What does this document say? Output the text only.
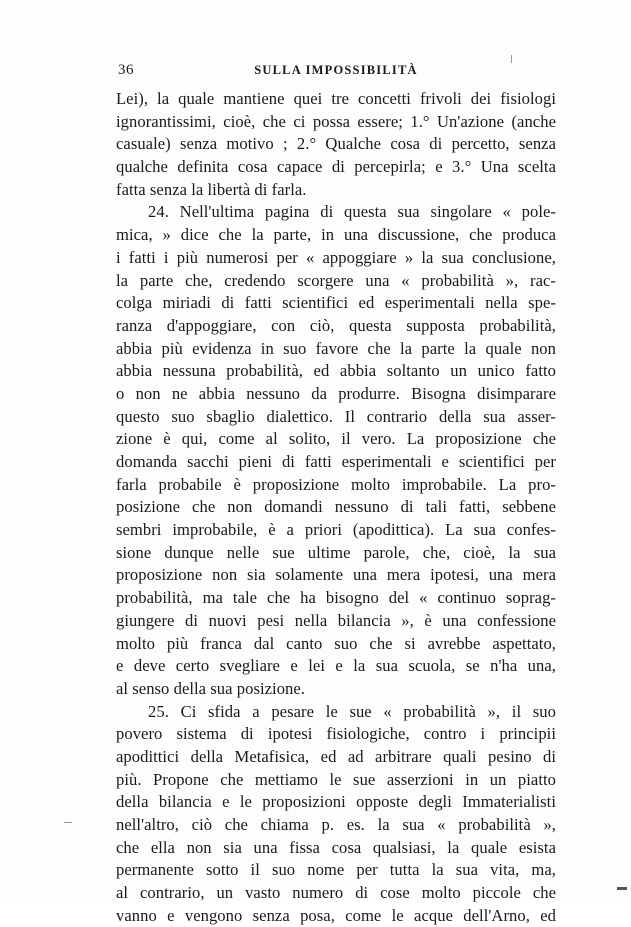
36	SULLA IMPOSSIBILITÀ
Lei), la quale mantiene quei tre concetti frivoli dei fisiologi
ignorantissimi, cioè, che ci possa essere; 1.° Un'azione (anche
casuale) senza motivo ; 2.° Qualche cosa di percetto, senza
qualche definita cosa capace di percepirla; e 3.° Una scelta
fatta senza la libertà di farla.
24. Nell'ultima pagina di questa sua singolare « pole-
mica, » dice che la parte, in una discussione, che produca
i fatti i più numerosi per « appoggiare » la sua conclusione,
la parte che, credendo scorgere una « probabilità », rac-
colga miriadi di fatti scientifici ed esperimentali nella spe-
ranza d'appoggiare, con ciò, questa supposta probabilità,
abbia più evidenza in suo favore che la parte la quale non
abbia nessuna probabilità, ed abbia soltanto un unico fatto
o non ne abbia nessuno da produrre. Bisogna disimparare
questo suo sbaglio dialettico. Il contrario della sua asser-
zione è qui, come al solito, il vero. La proposizione che
domanda sacchi pieni di fatti esperimentali e scientifici per
farla probabile è proposizione molto improbabile. La pro-
posizione che non domandi nessuno di tali fatti, sebbene
sembri improbabile, è a priori (apodittica). La sua confes-
sione dunque nelle sue ultime parole, che, cioè, la sua
proposizione non sia solamente una mera ipotesi, una mera
probabilità, ma tale che ha bisogno del « continuo soprag-
giungere di nuovi pesi nella bilancia », è una confessione
molto più franca dal canto suo che si avrebbe aspettato,
e deve certo svegliare e lei e la sua scuola, se n'ha una,
al senso della sua posizione.
25. Ci sfida a pesare le sue « probabilità », il suo
povero sistema di ipotesi fisiologiche, contro i principii
apodittici della Metafisica, ed ad arbitrare quali pesino di
più. Propone che mettiamo le sue asserzioni in un piatto
della bilancia e le proposizioni opposte degli Immaterialisti
nell'altro, ciò che chiama p. es. la sua « probabilità »,
che ella non sia una fissa cosa qualsiasi, la quale esista
permanente sotto il suo nome per tutta la sua vita, ma,
al contrario, un vasto numero di cose molto piccole che
vanno e vengono senza posa, come le acque dell'Arno, ed
